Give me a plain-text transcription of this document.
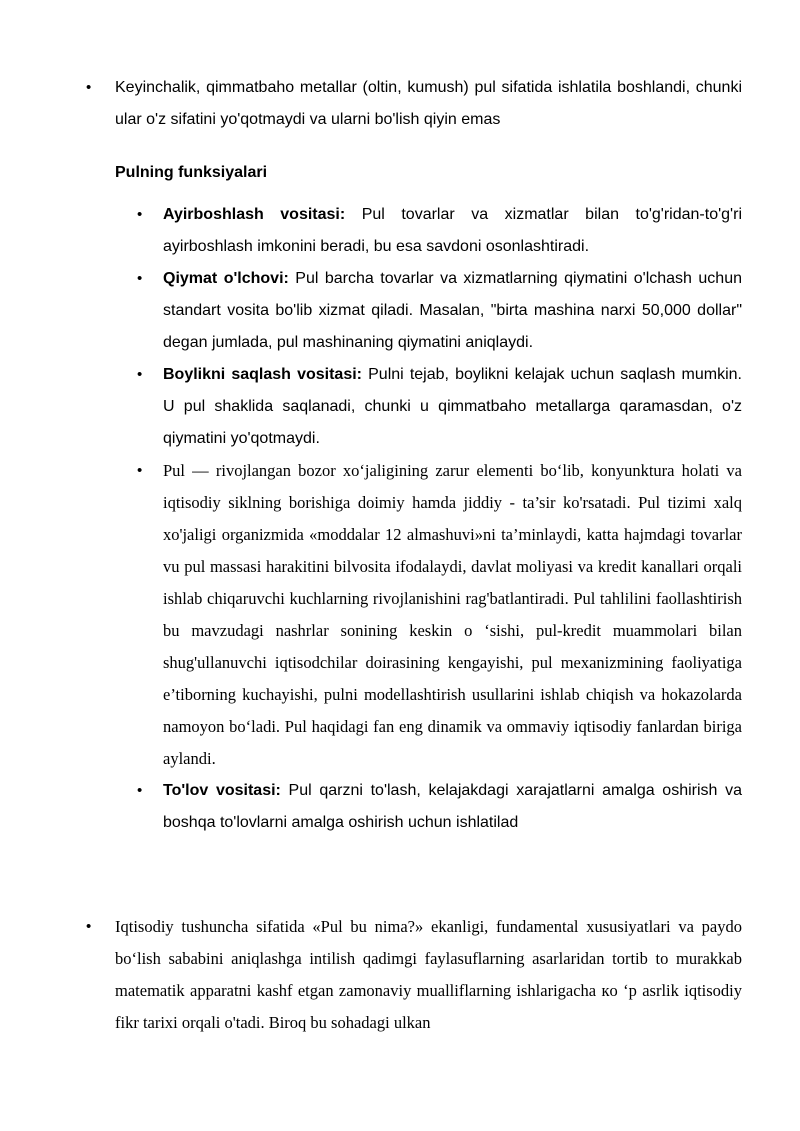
• Keyinchalik, qimmatbaho metallar (oltin, kumush) pul sifatida ishlatila boshlandi, chunki ular o'z sifatini yo'qotmaydi va ularni bo'lish qiyin emas
Pulning funksiyalari
• Ayirboshlash vositasi: Pul tovarlar va xizmatlar bilan to'g'ridan-to'g'ri ayirboshlash imkonini beradi, bu esa savdoni osonlashtiradi.
• Qiymat o'lchovi: Pul barcha tovarlar va xizmatlarning qiymatini o'lchash uchun standart vosita bo'lib xizmat qiladi. Masalan, "birta mashina narxi 50,000 dollar" degan jumlada, pul mashinaning qiymatini aniqlaydi.
• Boylikni saqlash vositasi: Pulni tejab, boylikni kelajak uchun saqlash mumkin. U pul shaklida saqlanadi, chunki u qimmatbaho metallarga qaramasdan, o'z qiymatini yo'qotmaydi.
• Pul — rivojlangan bozor xo‘jaligining zarur elementi bo‘lib, konyunktura holati va iqtisodiy siklning borishiga doimiy hamda jiddiy - ta’sir ko'rsatadi. Pul tizimi xalq xo'jaligi organizmida «moddalar 12 almashuvi»ni ta’minlaydi, katta hajmdagi tovarlar vu pul massasi harakitini bilvosita ifodalaydi, davlat moliyasi va kredit kanallari orqali ishlab chiqaruvchi kuchlarning rivojlanishini rag'batlantiradi. Pul tahlilini faollashtirish bu mavzudagi nashrlar sonining keskin o ‘sishi, pul-kredit muammolari bilan shug'ullanuvchi iqtisodchilar doirasining kengayishi, pul mexanizmining faoliyatiga e’tiborning kuchayishi, pulni modellashtirish usullarini ishlab chiqish va hokazolarda namoyon bo‘ladi. Pul haqidagi fan eng dinamik va ommaviy iqtisodiy fanlardan biriga aylandi.
• To'lov vositasi: Pul qarzni to'lash, kelajakdagi xarajatlarni amalga oshirish va boshqa to'lovlarni amalga oshirish uchun ishlatilad
• Iqtisodiy tushuncha sifatida «Pul bu nima?» ekanligi, fundamental xususiyatlari va paydo bo‘lish sababini aniqlashga intilish qadimgi faylasuflarning asarlaridan tortib to murakkab matematik apparatni kashf etgan zamonaviy mualliflarning ishlarigacha кo ‘p asrlik iqtisodiy fikr tarixi orqali o'tadi. Biroq bu sohadagi ulkan
